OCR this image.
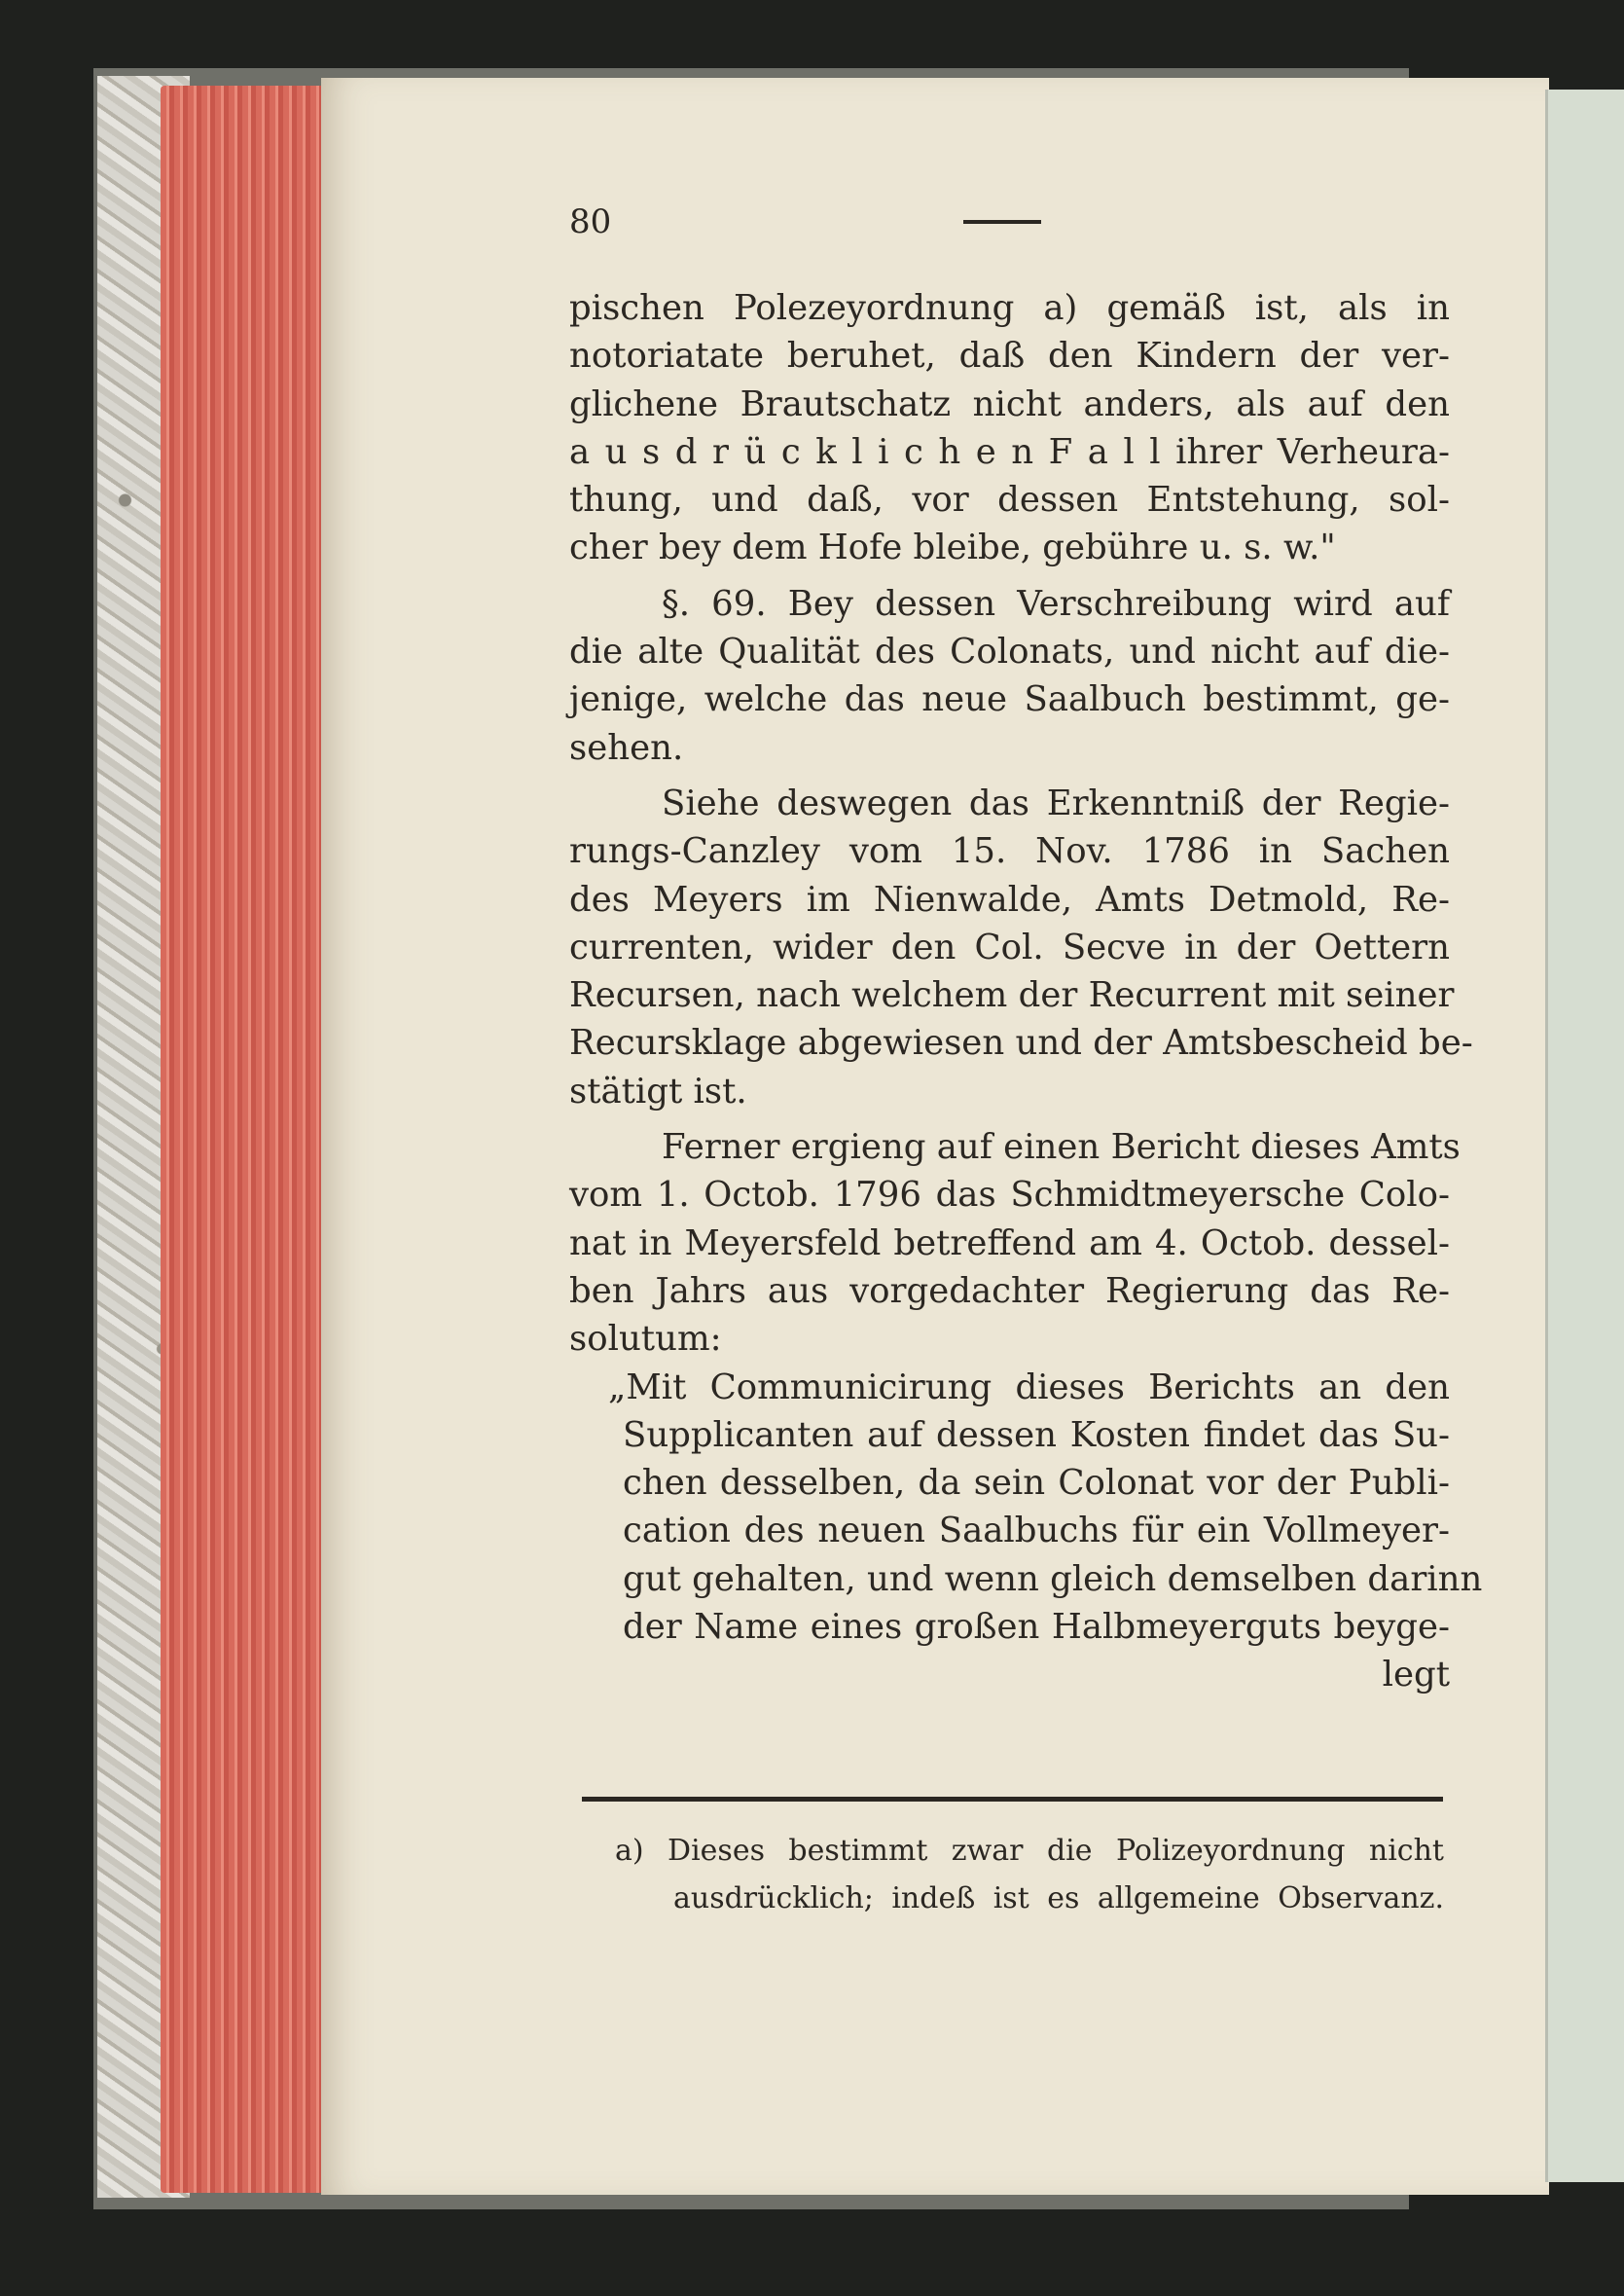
80
pischen Polezeyordnung a) gemäß ist, als in
notoriatate beruhet, daß den Kindern der ver-
glichene Brautschatz nicht anders, als auf den
a u s d r ü c k l i c h e n F a l l ihrer Verheura-
thung, und daß, vor dessen Entstehung, sol-
cher bey dem Hofe bleibe, gebühre u. s. w."
§. 69. Bey dessen Verschreibung wird auf
die alte Qualität des Colonats, und nicht auf die-
jenige, welche das neue Saalbuch bestimmt, ge-
sehen.
Siehe deswegen das Erkenntniß der Regie-
rungs-Canzley vom 15. Nov. 1786 in Sachen
des Meyers im Nienwalde, Amts Detmold, Re-
currenten, wider den Col. Secve in der Oettern
Recursen, nach welchem der Recurrent mit seiner
Recursklage abgewiesen und der Amtsbescheid be-
stätigt ist.
Ferner ergieng auf einen Bericht dieses Amts
vom 1. Octob. 1796 das Schmidtmeyersche Colo-
nat in Meyersfeld betreffend am 4. Octob. dessel-
ben Jahrs aus vorgedachter Regierung das Re-
solutum:
„Mit Communicirung dieses Berichts an den
Supplicanten auf dessen Kosten findet das Su-
chen desselben, da sein Colonat vor der Publi-
cation des neuen Saalbuchs für ein Vollmeyer-
gut gehalten, und wenn gleich demselben darinn
der Name eines großen Halbmeyerguts beyge-
legt
a) Dieses bestimmt zwar die Polizeyordnung nicht
ausdrücklich; indeß ist es allgemeine Observanz.
